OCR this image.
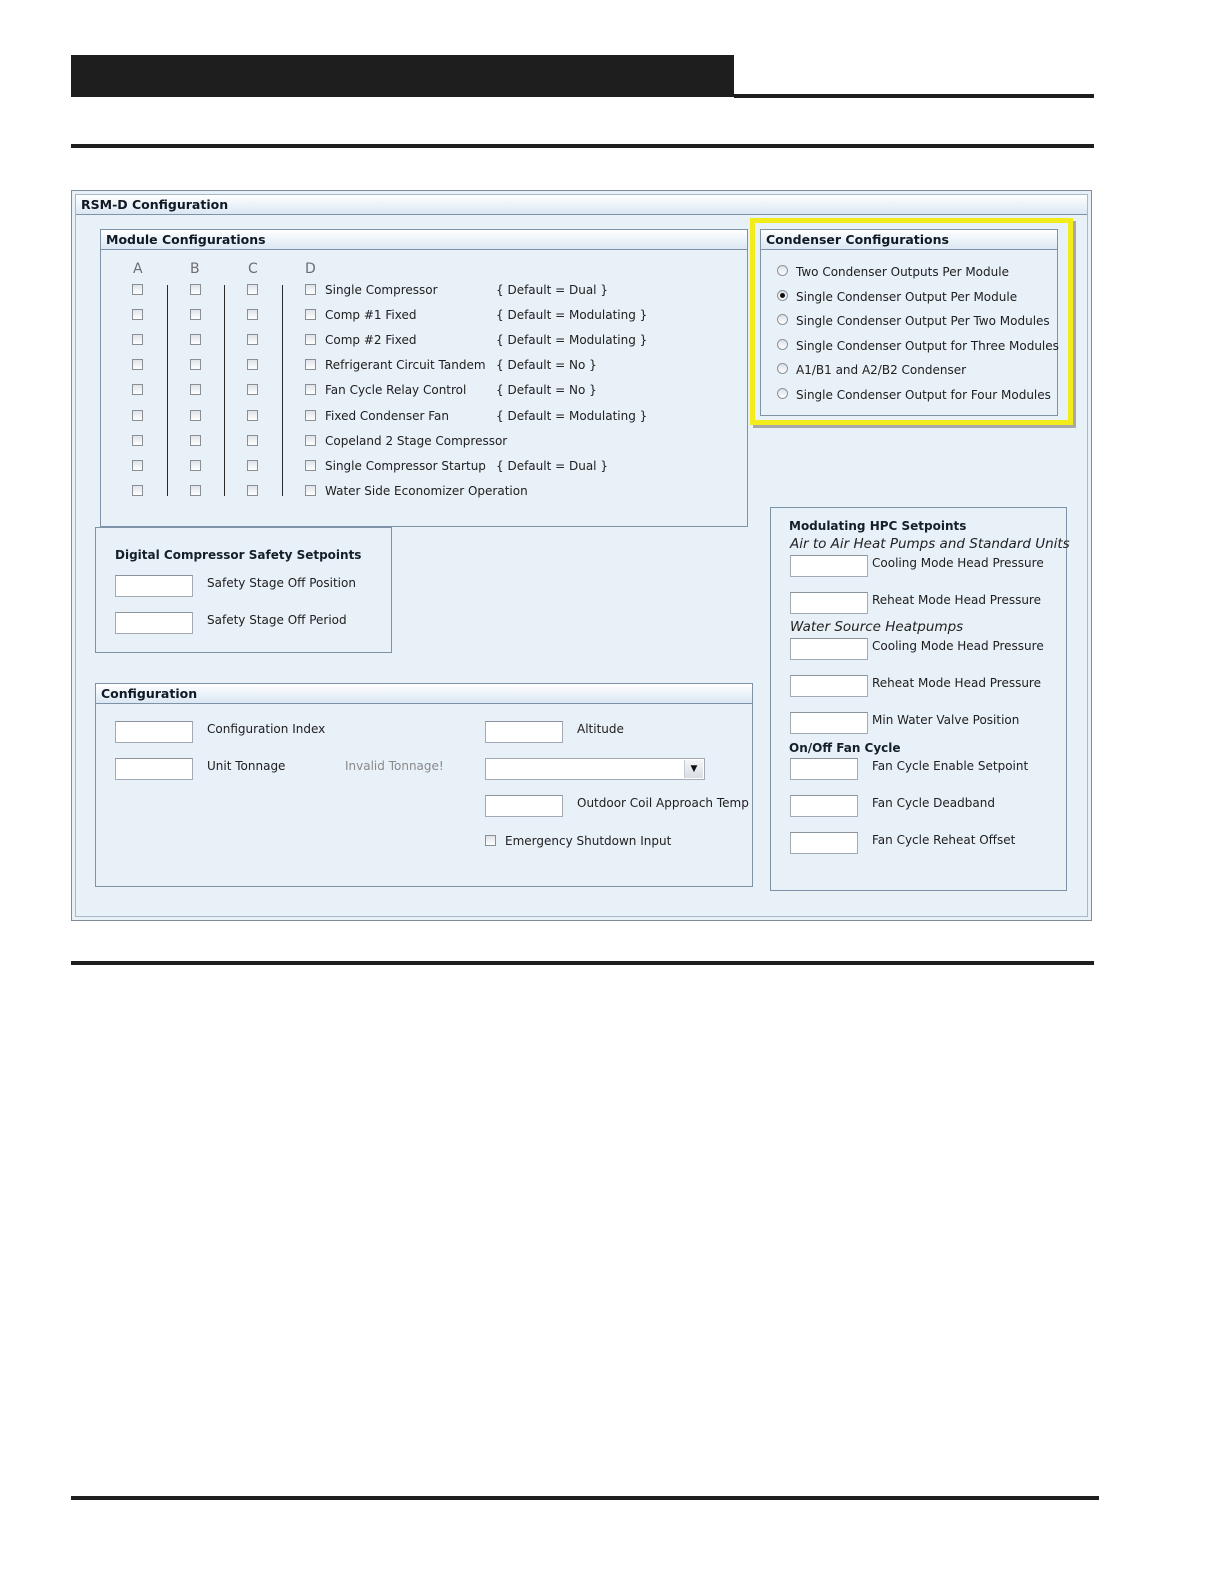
RSM-D Configuration
Module Configurations
A	B	C	D
Single Compressor	{ Default = Dual }
Comp #1 Fixed	{ Default = Modulating }
Comp #2 Fixed	{ Default = Modulating }
Refrigerant Circuit Tandem { Default = No }
Fan Cycle Relay Control { Default = No }
Fixed Condenser Fan	{ Default = Modulating }
Copeland 2 Stage Compressor
Single Compressor Startup { Default = Dual }
Water Side Economizer Operation
Condenser Configurations
Two Condenser Outputs Per Module
Single Condenser Output Per Module
Single Condenser Output Per Two Modules
Single Condenser Output for Three Modules
A1/B1 and A2/B2 Condenser
Single Condenser Output for Four Modules
Digital Compressor Safety Setpoints
Safety Stage Off Position
Safety Stage Off Period
Configuration
Configuration Index
Unit Tonnage	Invalid Tonnage!
Altitude
▼
Outdoor Coil Approach Temp
Emergency Shutdown Input
Modulating HPC Setpoints
Air to Air Heat Pumps and Standard Units
Cooling Mode Head Pressure
Reheat Mode Head Pressure
Water Source Heatpumps
Cooling Mode Head Pressure
Reheat Mode Head Pressure
Min Water Valve Position
On/Off Fan Cycle
Fan Cycle Enable Setpoint
Fan Cycle Deadband
Fan Cycle Reheat Offset
